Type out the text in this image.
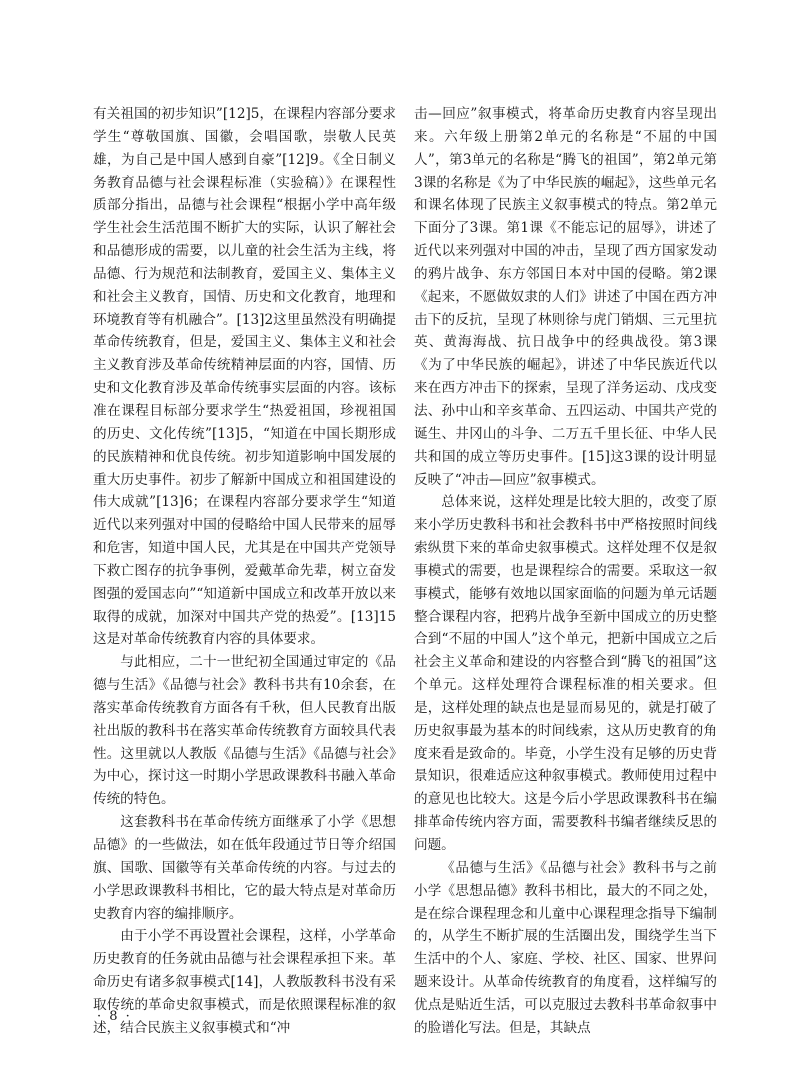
有关祖国的初步知识”[12]5，在课程内容部分要求学生“尊敬国旗、国徽，会唱国歌，崇敬人民英雄，为自己是中国人感到自豪”[12]9。《全日制义务教育品德与社会课程标准（实验稿）》在课程性质部分指出，品德与社会课程“根据小学中高年级学生社会生活范围不断扩大的实际，认识了解社会和品德形成的需要，以儿童的社会生活为主线，将品德、行为规范和法制教育，爱国主义、集体主义和社会主义教育，国情、历史和文化教育，地理和环境教育等有机融合”。[13]2这里虽然没有明确提革命传统教育，但是，爱国主义、集体主义和社会主义教育涉及革命传统精神层面的内容，国情、历史和文化教育涉及革命传统事实层面的内容。该标准在课程目标部分要求学生“热爱祖国，珍视祖国的历史、文化传统”[13]5，“知道在中国长期形成的民族精神和优良传统。初步知道影响中国发展的重大历史事件。初步了解新中国成立和祖国建设的伟大成就”[13]6；在课程内容部分要求学生“知道近代以来列强对中国的侵略给中国人民带来的屈辱和危害，知道中国人民，尤其是在中国共产党领导下救亡图存的抗争事例，爱戴革命先辈，树立奋发图强的爱国志向”“知道新中国成立和改革开放以来取得的成就，加深对中国共产党的热爱”。[13]15这是对革命传统教育内容的具体要求。

与此相应，二十一世纪初全国通过审定的《品德与生活》《品德与社会》教科书共有10余套，在落实革命传统教育方面各有千秋，但人民教育出版社出版的教科书在落实革命传统教育方面较具代表性。这里就以人教版《品德与生活》《品德与社会》为中心，探讨这一时期小学思政课教科书融入革命传统的特色。

这套教科书在革命传统方面继承了小学《思想品德》的一些做法，如在低年段通过节日等介绍国旗、国歌、国徽等有关革命传统的内容。与过去的小学思政课教科书相比，它的最大特点是对革命历史教育内容的编排顺序。

由于小学不再设置社会课程，这样，小学革命历史教育的任务就由品德与社会课程承担下来。革命历史有诸多叙事模式[14]，人教版教科书没有采取传统的革命史叙事模式，而是依照课程标准的叙述，结合民族主义叙事模式和“冲

击—回应”叙事模式，将革命历史教育内容呈现出来。六年级上册第2单元的名称是“不屈的中国人”，第3单元的名称是“腾飞的祖国”，第2单元第3课的名称是《为了中华民族的崛起》，这些单元名和课名体现了民族主义叙事模式的特点。第2单元下面分了3课。第1课《不能忘记的屈辱》，讲述了近代以来列强对中国的冲击，呈现了西方国家发动的鸦片战争、东方邻国日本对中国的侵略。第2课《起来，不愿做奴隶的人们》讲述了中国在西方冲击下的反抗，呈现了林则徐与虎门销烟、三元里抗英、黄海海战、抗日战争中的经典战役。第3课《为了中华民族的崛起》，讲述了中华民族近代以来在西方冲击下的探索，呈现了洋务运动、戊戌变法、孙中山和辛亥革命、五四运动、中国共产党的诞生、井冈山的斗争、二万五千里长征、中华人民共和国的成立等历史事件。[15]这3课的设计明显反映了“冲击—回应”叙事模式。

总体来说，这样处理是比较大胆的，改变了原来小学历史教科书和社会教科书中严格按照时间线索纵贯下来的革命史叙事模式。这样处理不仅是叙事模式的需要，也是课程综合的需要。采取这一叙事模式，能够有效地以国家面临的问题为单元话题整合课程内容，把鸦片战争至新中国成立的历史整合到“不屈的中国人”这个单元，把新中国成立之后社会主义革命和建设的内容整合到“腾飞的祖国”这个单元。这样处理符合课程标准的相关要求。但是，这样处理的缺点也是显而易见的，就是打破了历史叙事最为基本的时间线索，这从历史教育的角度来看是致命的。毕竟，小学生没有足够的历史背景知识，很难适应这种叙事模式。教师使用过程中的意见也比较大。这是今后小学思政课教科书在编排革命传统内容方面，需要教科书编者继续反思的问题。

《品德与生活》《品德与社会》教科书与之前小学《思想品德》教科书相比，最大的不同之处，是在综合课程理念和儿童中心课程理念指导下编制的，从学生不断扩展的生活圈出发，围绕学生当下生活中的个人、家庭、学校、社区、国家、世界问题来设计。从革命传统教育的角度看，这样编写的优点是贴近生活，可以克服过去教科书革命叙事中的脸谱化写法。但是，其缺点

· 8 ·
